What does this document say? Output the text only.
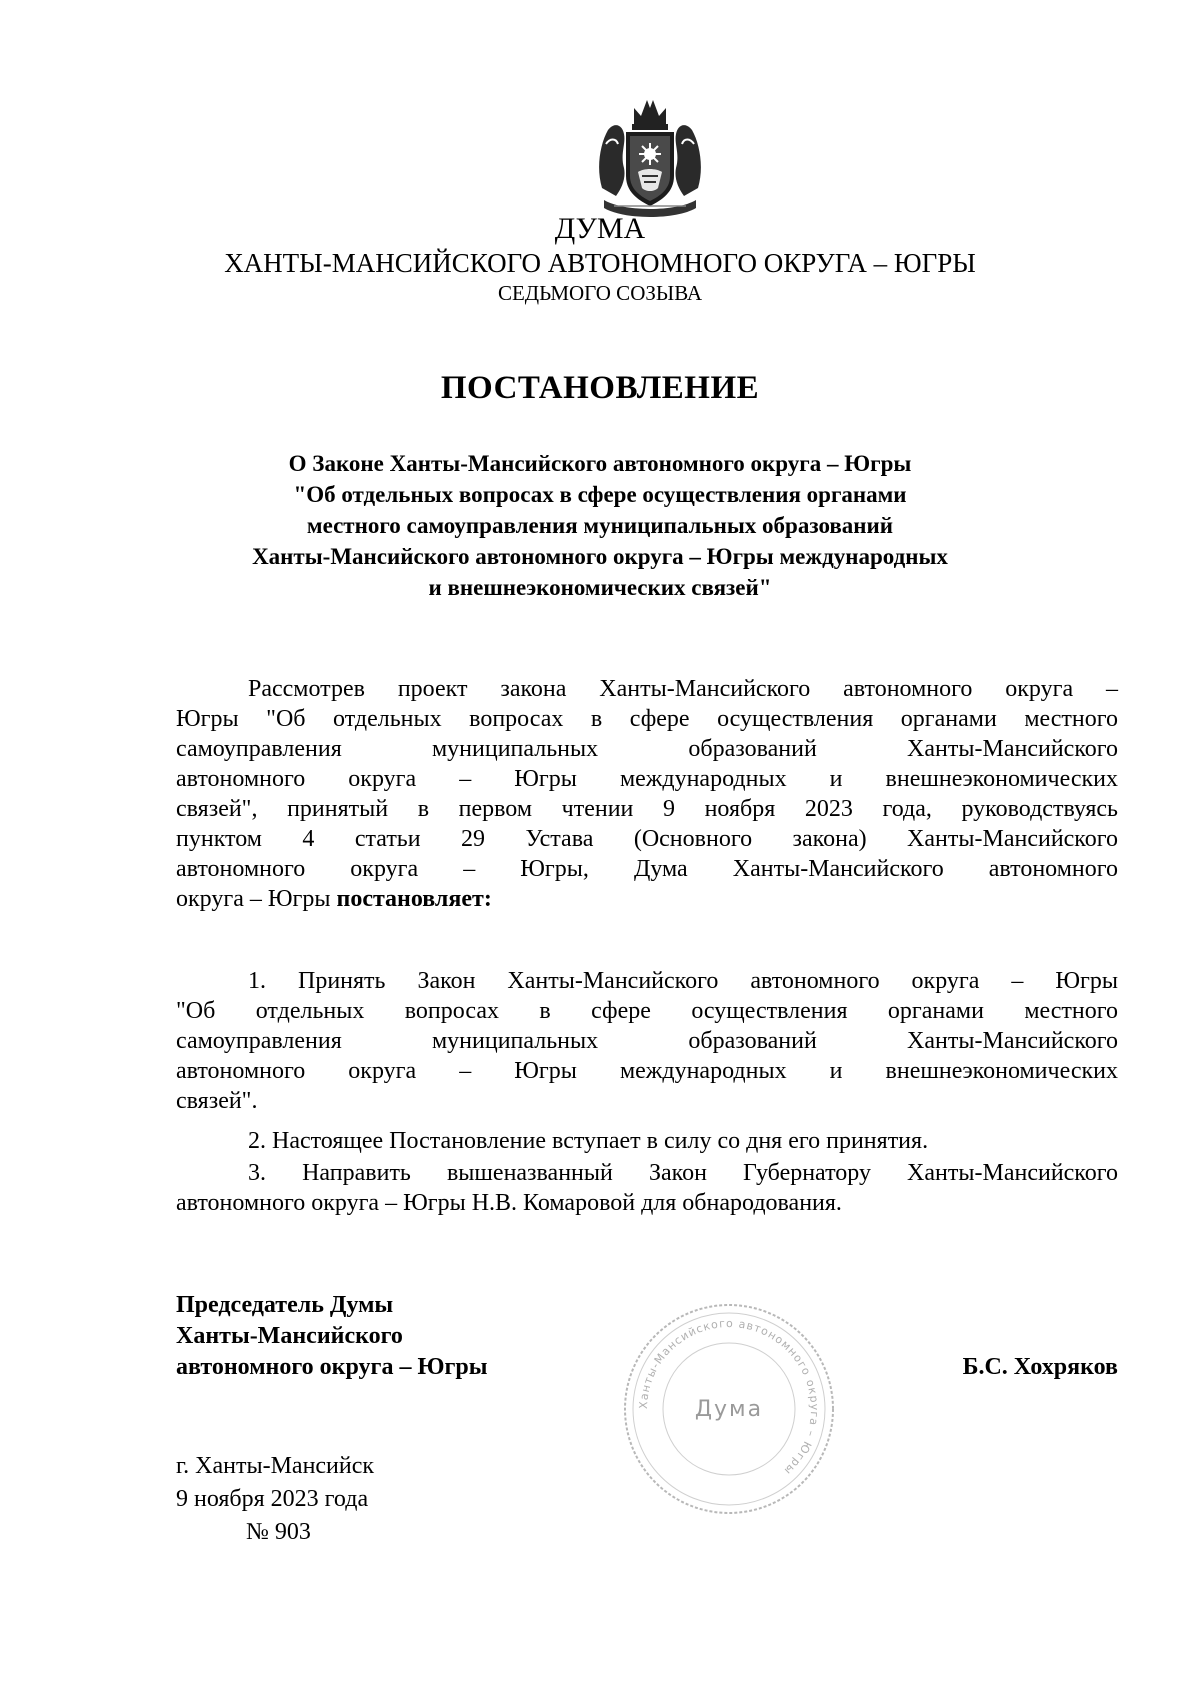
ДУМА
ХАНТЫ-МАНСИЙСКОГО АВТОНОМНОГО ОКРУГА – ЮГРЫ
СЕДЬМОГО СОЗЫВА
ПОСТАНОВЛЕНИЕ
О Законе Ханты-Мансийского автономного округа – Югры
"Об отдельных вопросах в сфере осуществления органами
местного самоуправления муниципальных образований
Ханты-Мансийского автономного округа – Югры международных
и внешнеэкономических связей"
Рассмотрев проект закона Ханты-Мансийского автономного округа –
Югры "Об отдельных вопросах в сфере осуществления органами местного
самоуправления муниципальных образований Ханты-Мансийского
автономного округа – Югры международных и внешнеэкономических
связей", принятый в первом чтении 9 ноября 2023 года, руководствуясь
пунктом 4 статьи 29 Устава (Основного закона) Ханты-Мансийского
автономного округа – Югры, Дума Ханты-Мансийского автономного
округа – Югры постановляет:
1. Принять Закон Ханты-Мансийского автономного округа – Югры
"Об отдельных вопросах в сфере осуществления органами местного
самоуправления муниципальных образований Ханты-Мансийского
автономного округа – Югры международных и внешнеэкономических
связей".
2. Настоящее Постановление вступает в силу со дня его принятия.
3. Направить вышеназванный Закон Губернатору Ханты-Мансийского
автономного округа – Югры Н.В. Комаровой для обнародования.
Председатель Думы
Ханты-Мансийского
автономного округа – Югры
Ханты-Мансийского автономного округа – Югры
Дума
Б.С. Хохряков
г. Ханты-Мансийск
9 ноября 2023 года
№ 903
